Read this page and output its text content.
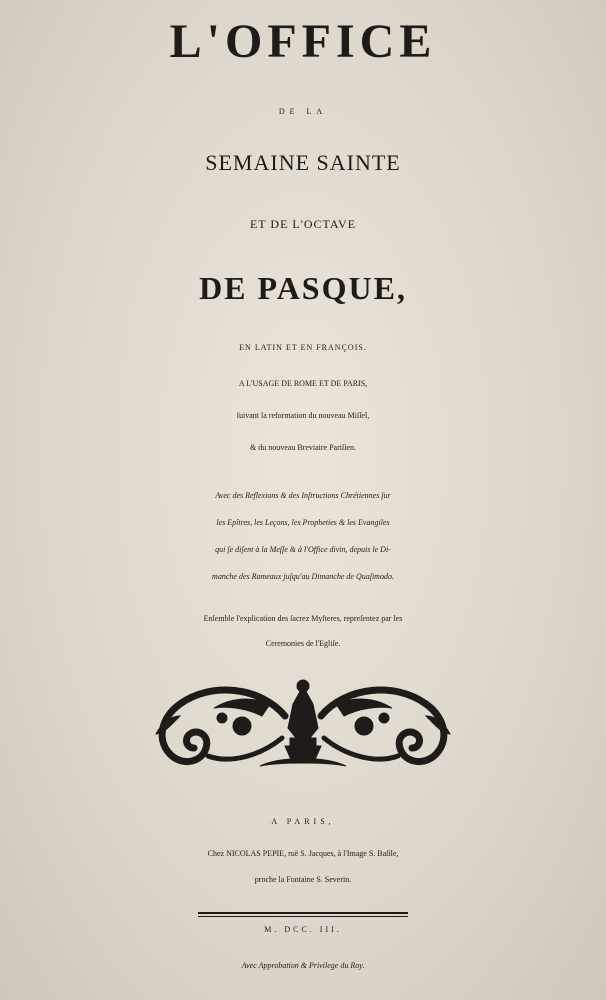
L'OFFICE
DE LA
SEMAINE SAINTE
ET DE L'OCTAVE
DE PASQUE,
EN LATIN ET EN FRANÇOIS.
A L'USAGE DE ROME ET DE PARIS,
ſuivant la reformation du nouveau Miſſel,
& du nouveau Breviaire Pariſien.
Avec des Reflexions & des Inſtructions Chrétiennes ſur
les Epîtres, les Leçons, les Propheties & les Evangiles
qui ſe diſent à la Meſſe & à l'Office divin, depuis le Di-
manche des Rameaux juſqu'au Dimanche de Quaſimodo.
Enſemble l'explication des ſacrez Myſteres, repreſentez par les
Ceremonies de l'Egliſe.
A PARIS,
Chez NICOLAS PEPIE, ruë S. Jacques, à l'Image S. Baſile,
proche la Fontaine S. Severin.
M. DCC. III.
Avec Approbation & Privilege du Roy.
